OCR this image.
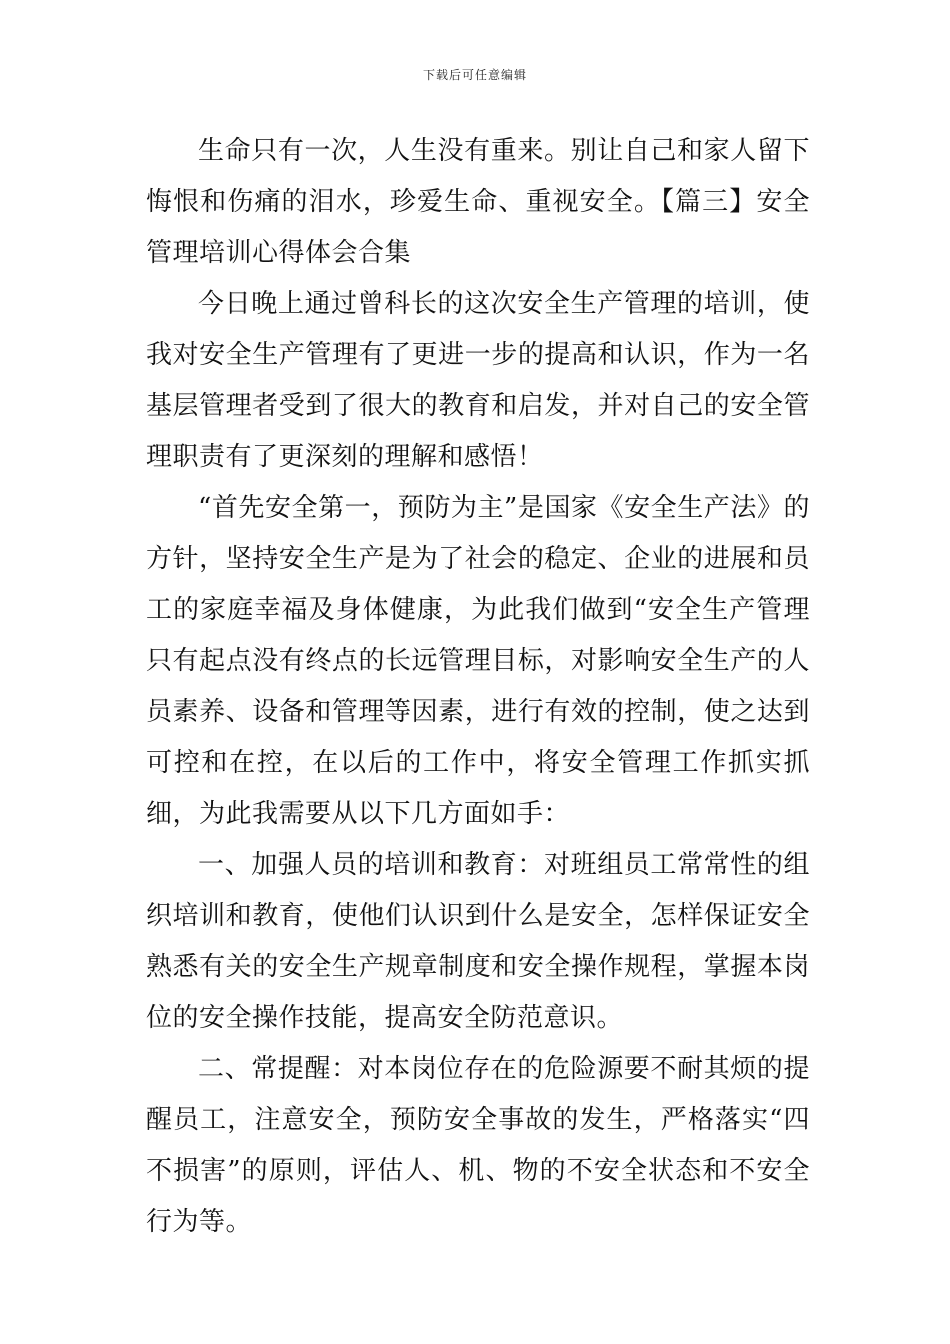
下载后可任意编辑

生命只有一次，人生没有重来。别让自己和家人留下悔恨和伤痛的泪水，珍爱生命、重视安全。【篇三】安全管理培训心得体会合集

今日晚上通过曾科长的这次安全生产管理的培训，使我对安全生产管理有了更进一步的提高和认识，作为一名基层管理者受到了很大的教育和启发，并对自己的安全管理职责有了更深刻的理解和感悟！

“首先安全第一，预防为主”是国家《安全生产法》的方针，坚持安全生产是为了社会的稳定、企业的进展和员工的家庭幸福及身体健康，为此我们做到“安全生产管理只有起点没有终点的长远管理目标，对影响安全生产的人员素养、设备和管理等因素，进行有效的控制，使之达到可控和在控，在以后的工作中，将安全管理工作抓实抓细，为此我需要从以下几方面如手：

一、加强人员的培训和教育：对班组员工常常性的组织培训和教育，使他们认识到什么是安全，怎样保证安全熟悉有关的安全生产规章制度和安全操作规程，掌握本岗位的安全操作技能，提高安全防范意识。

二、常提醒：对本岗位存在的危险源要不耐其烦的提醒员工，注意安全，预防安全事故的发生，严格落实“四不损害”的原则，评估人、机、物的不安全状态和不安全行为等。
